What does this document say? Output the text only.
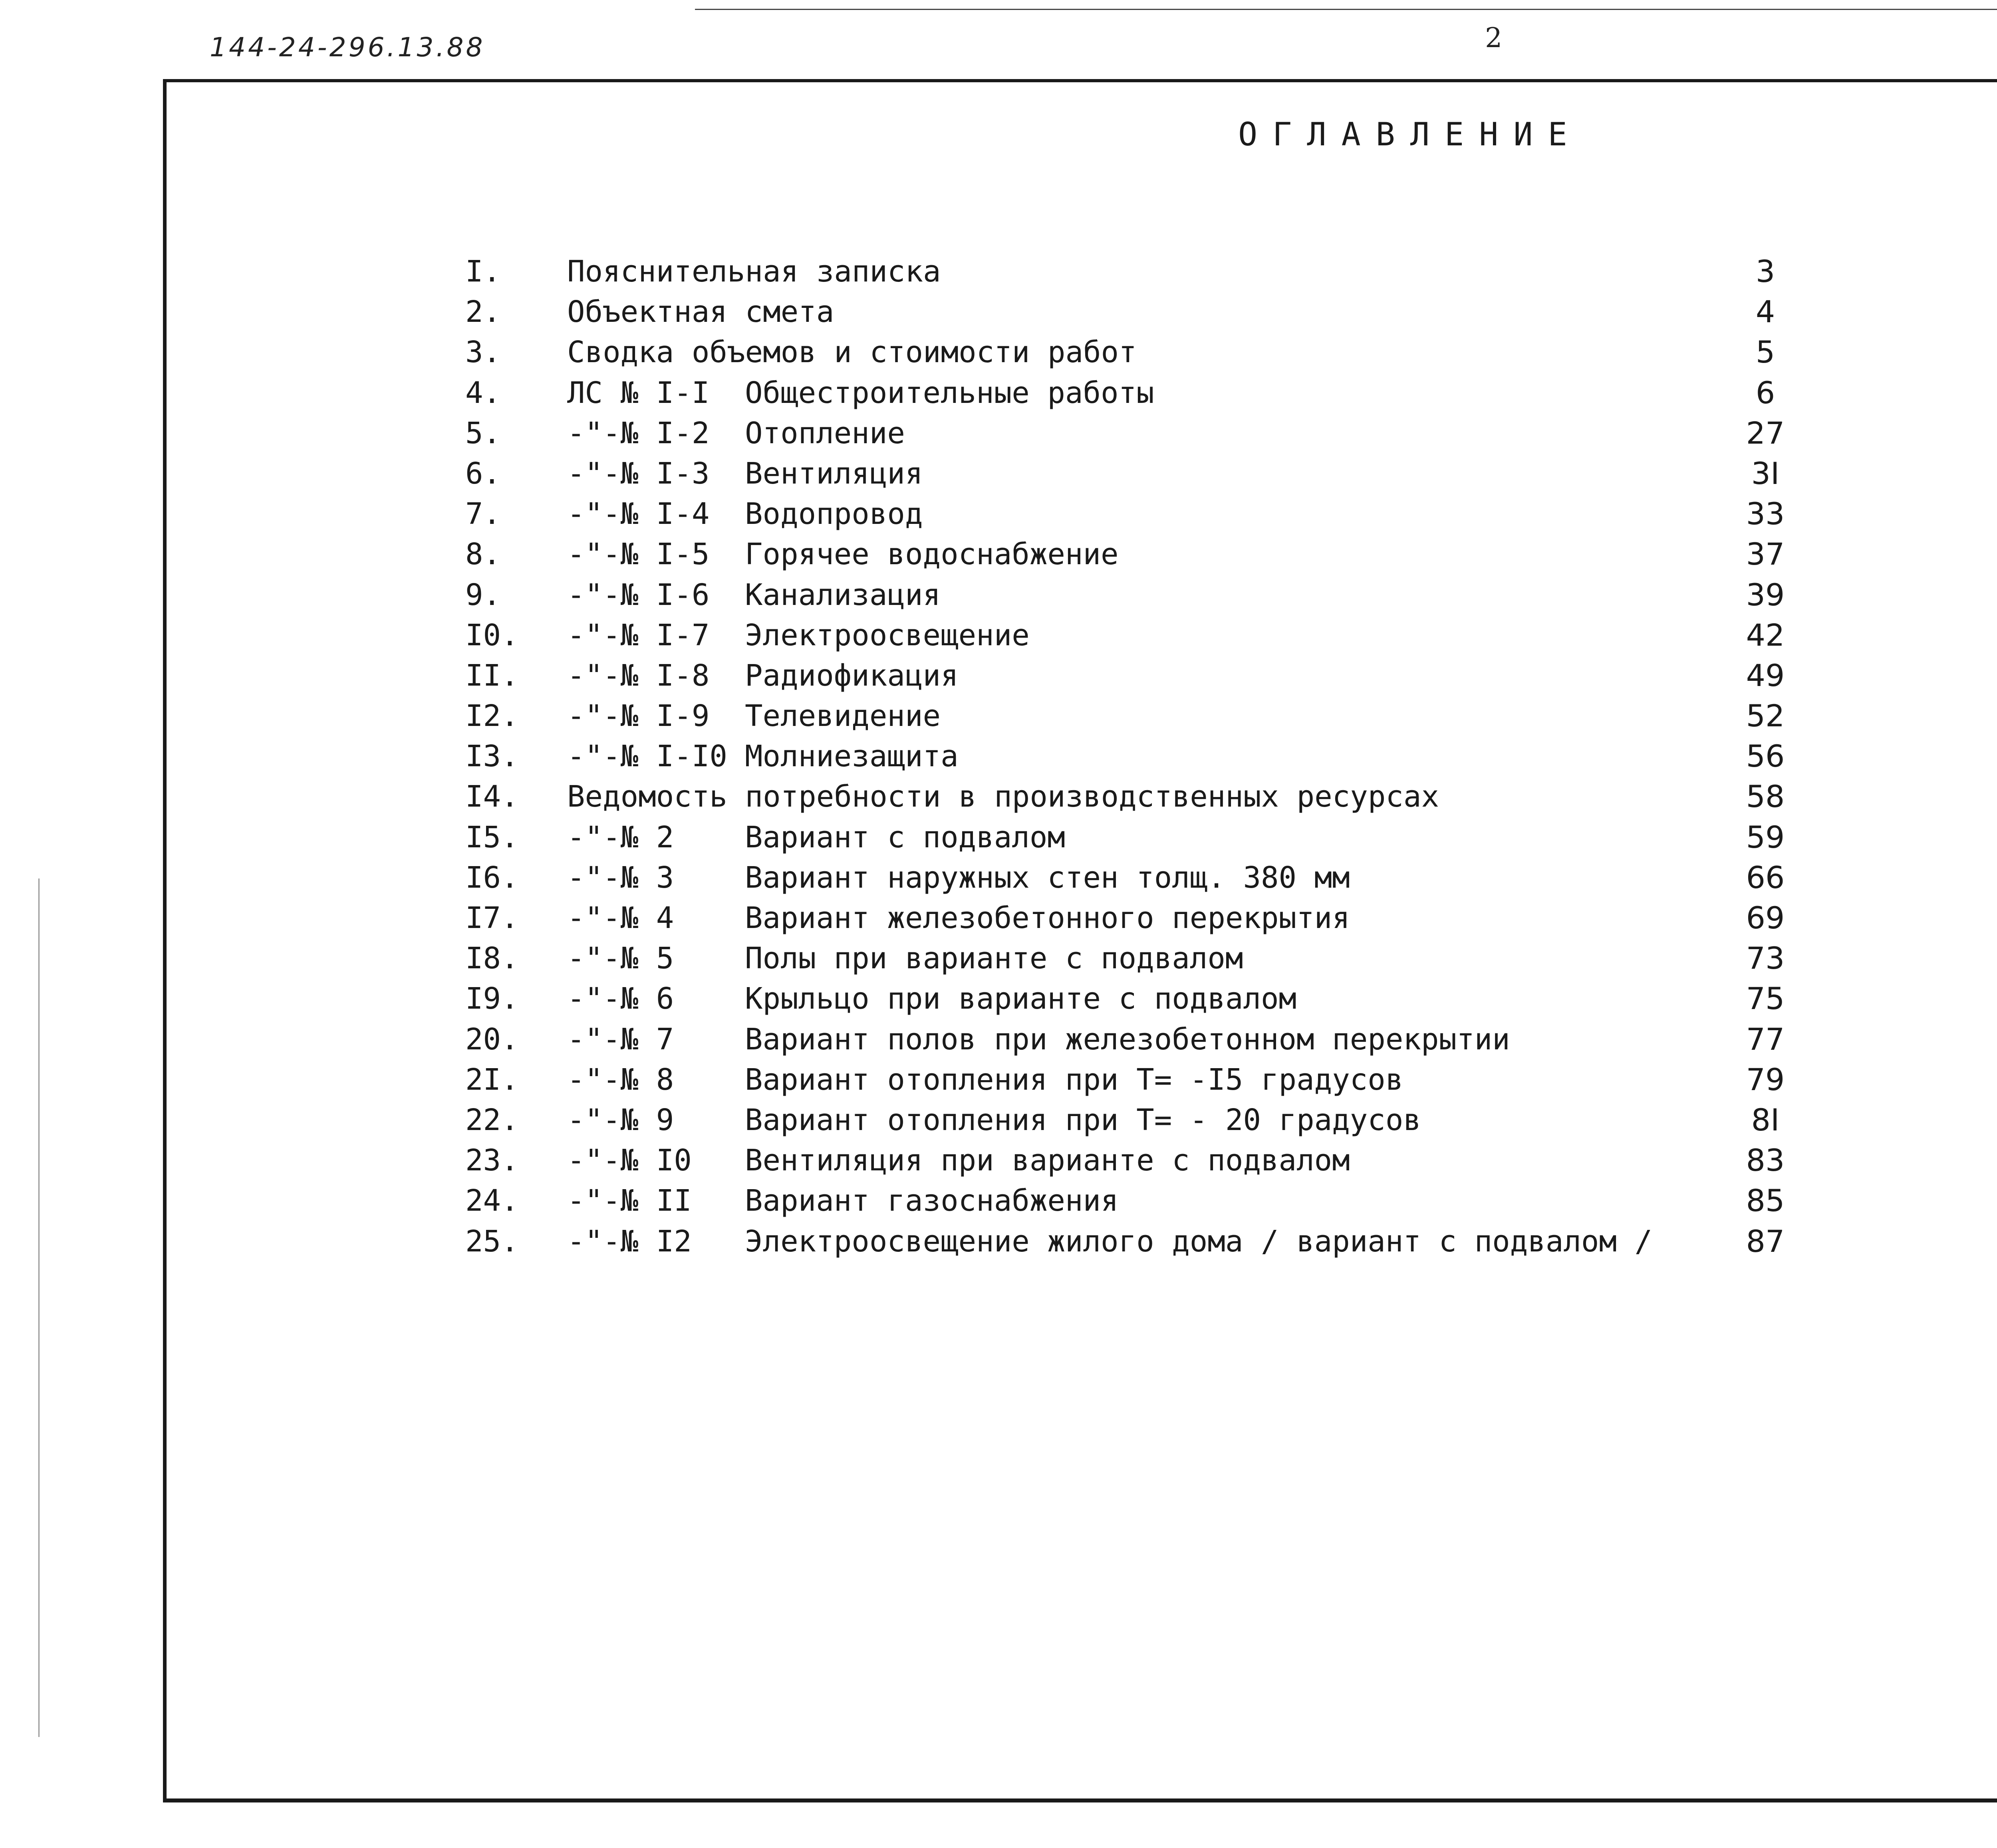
144-24-296.13.88	2
ОГЛАВЛЕНИЕ
I. Пояснительная записка	3
2. Объектная смета	4
3. Сводка объемов и стоимости работ	5
4. ЛС № I-I Общестроительные работы	6
5. -"-№ I-2 Отопление	27
6. -"-№ I-3 Вентиляция	3I
7. -"-№ I-4 Водопровод	33
8. -"-№ I-5 Горячее водоснабжение	37
9. -"-№ I-6 Канализация	39
I0. -"-№ I-7 Электроосвещение	42
II. -"-№ I-8 Радиофикация	49
I2. -"-№ I-9 Телевидение	52
I3. -"-№ I-I0 Молниезащита	56
I4. Ведомость потребности в производственных ресурсах	58
I5. -"-№ 2 Вариант с подвалом	59
I6. -"-№ 3 Вариант наружных стен толщ. 380 мм	66
I7. -"-№ 4 Вариант железобетонного перекрытия	69
I8. -"-№ 5 Полы при варианте с подвалом	73
I9. -"-№ 6 Крыльцо при варианте с подвалом	75
20. -"-№ 7 Вариант полов при железобетонном перекрытии	77
2I. -"-№ 8 Вариант отопления при Т= -I5 градусов	79
22. -"-№ 9 Вариант отопления при Т= - 20 градусов	8I
23. -"-№ I0 Вентиляция при варианте с подвалом	83
24. -"-№ II Вариант газоснабжения	85
25. -"-№ I2 Электроосвещение жилого дома / вариант с подвалом /	87
